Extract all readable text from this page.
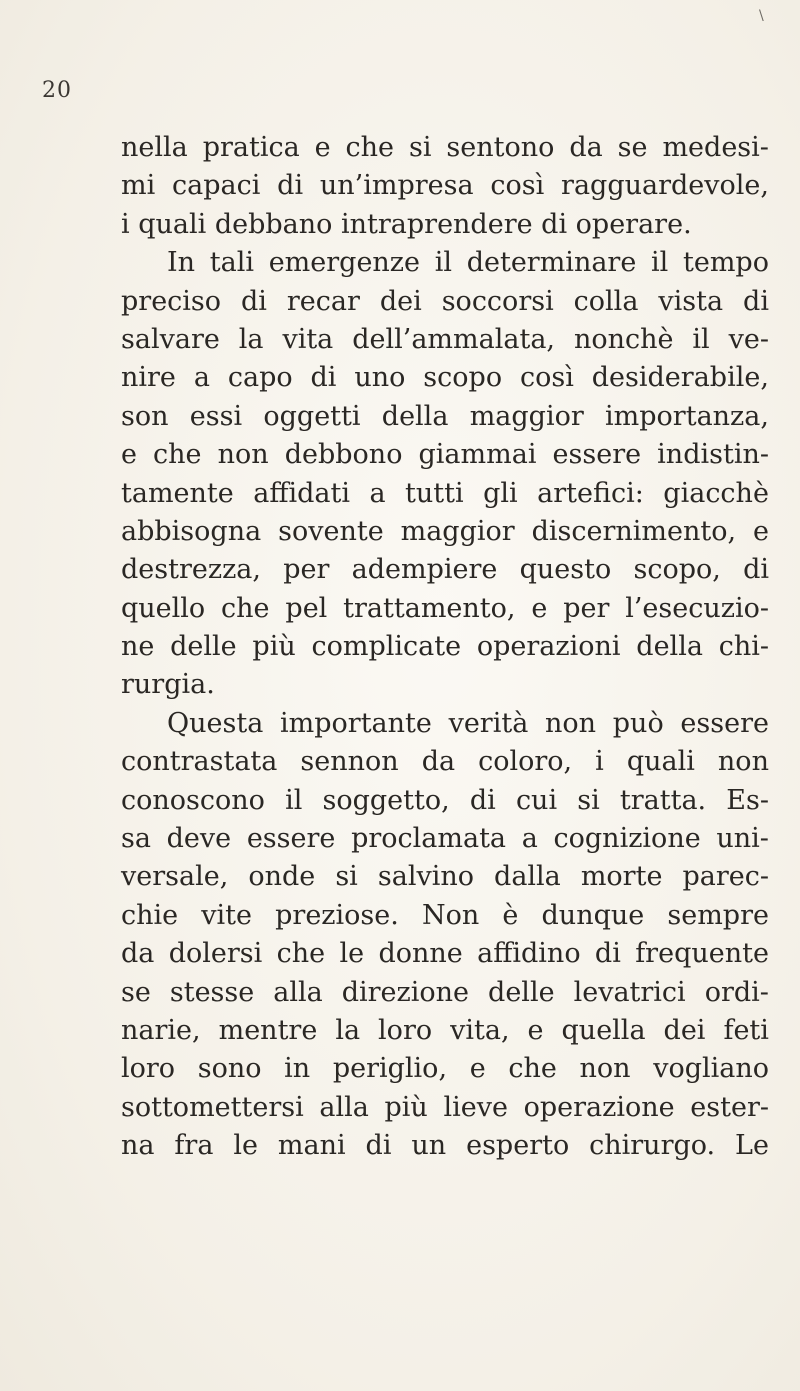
\
20
nella pratica e che si sentono da se medesi-
mi capaci di un’impresa così ragguardevole,
i quali debbano intraprendere di operare.
In tali emergenze il determinare il tempo
preciso di recar dei soccorsi colla vista di
salvare la vita dell’ammalata, nonchè il ve-
nire a capo di uno scopo così desiderabile,
son essi oggetti della maggior importanza,
e che non debbono giammai essere indistin-
tamente affidati a tutti gli artefici: giacchè
abbisogna sovente maggior discernimento, e
destrezza, per adempiere questo scopo, di
quello che pel trattamento, e per l’esecuzio-
ne delle più complicate operazioni della chi-
rurgia.
Questa importante verità non può essere
contrastata sennon da coloro, i quali non
conoscono il soggetto, di cui si tratta. Es-
sa deve essere proclamata a cognizione uni-
versale, onde si salvino dalla morte parec-
chie vite preziose. Non è dunque sempre
da dolersi che le donne affidino di frequente
se stesse alla direzione delle levatrici ordi-
narie, mentre la loro vita, e quella dei feti
loro sono in periglio, e che non vogliano
sottomettersi alla più lieve operazione ester-
na fra le mani di un esperto chirurgo. Le
